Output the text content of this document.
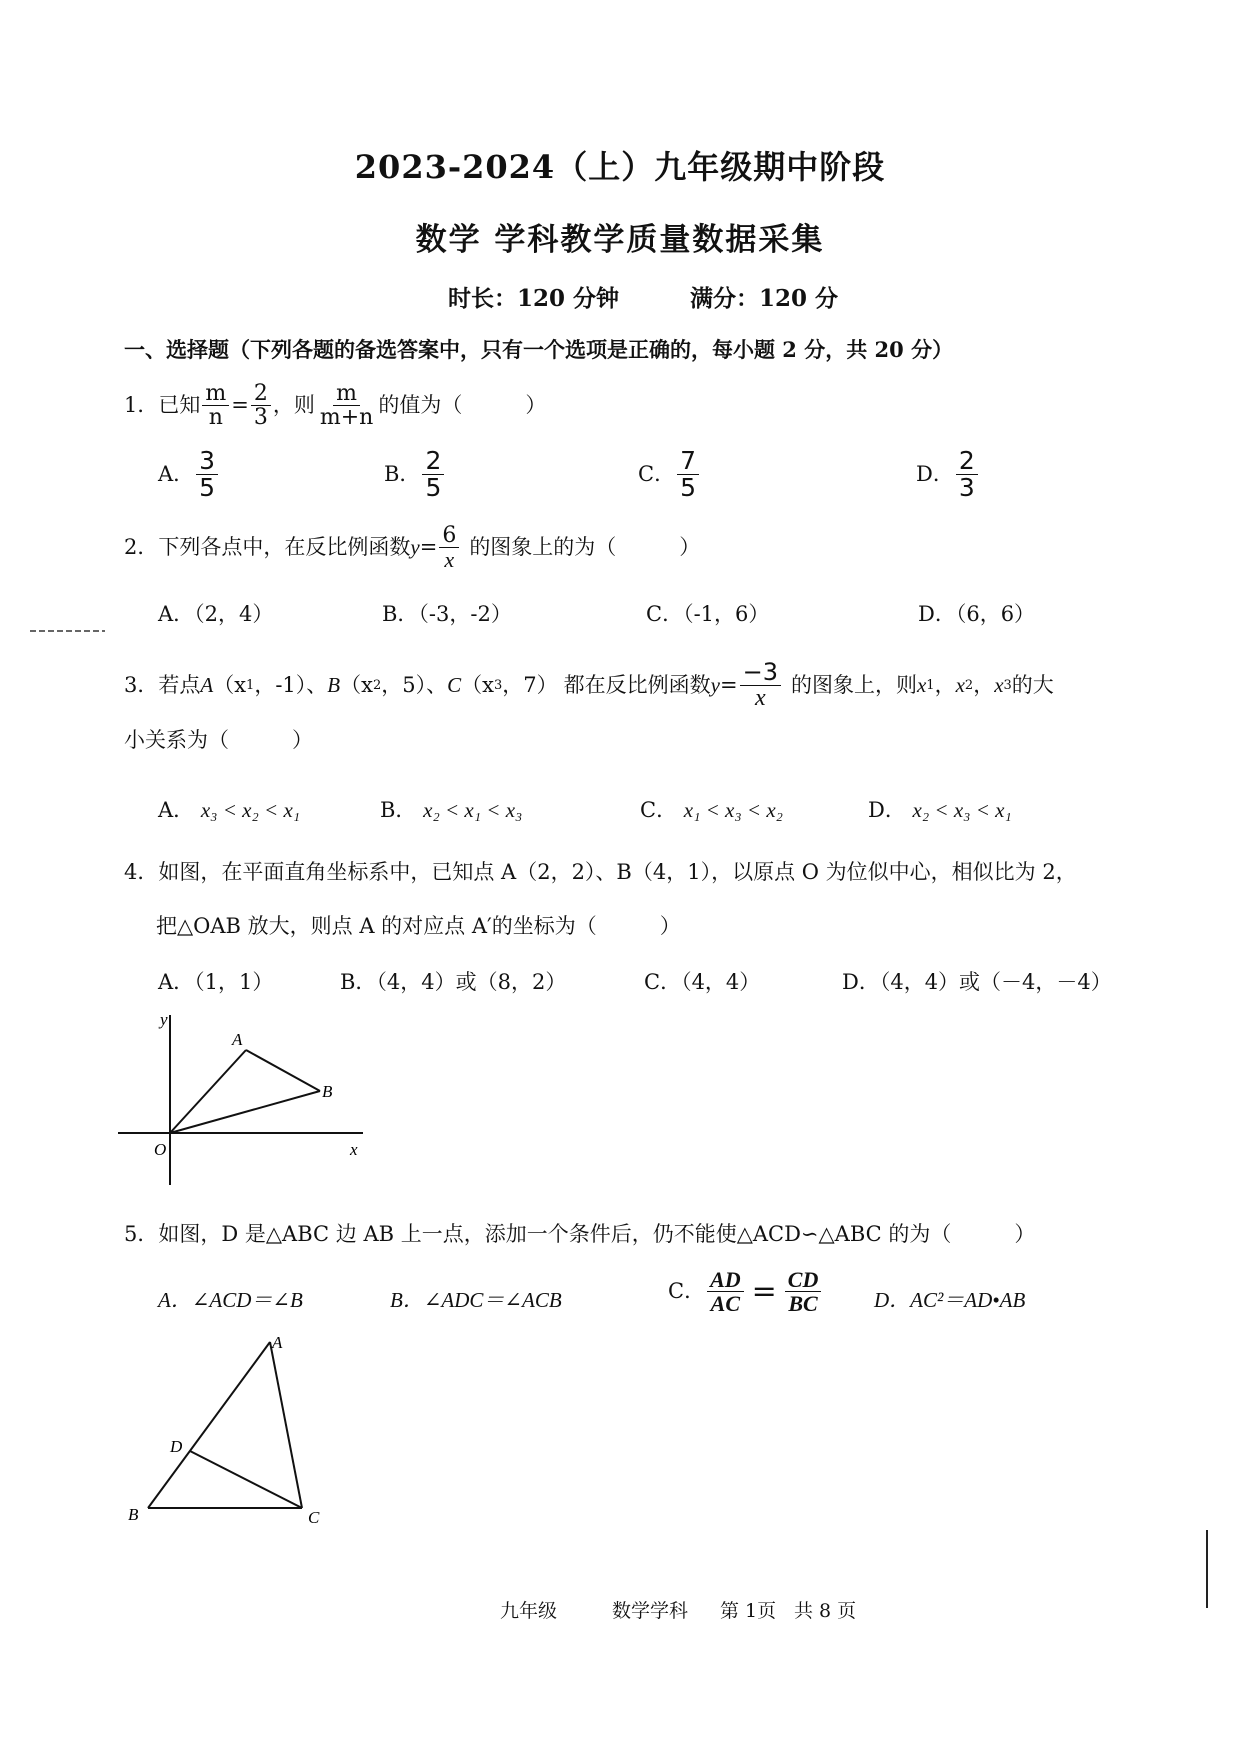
2023-2024（上）九年级期中阶段
数学 学科教学质量数据采集
时长：120 分钟	满分：120 分
一、选择题（下列各题的备选答案中，只有一个选项是正确的，每小题 2 分，共 20 分）
1． 已知 $\frac{m}{n} = \frac{2}{3}$ ，则 $\frac{m}{m+n}$ 的值为（　　　）
A． $\frac{3}{5}$	B． $\frac{2}{5}$	C． $\frac{7}{5}$	D． $\frac{2}{3}$
2． 下列各点中，在反比例函数 $y = \frac{6}{x}$ 的图象上的为（　　　）
A．（2，4）	B．（-3，-2）	C．（-1，6）	D．（6，6）
3． 若点 A （x 1 ，-1）、 B （x 2 ，5）、 C （x 3 ，7） 都在反比例函数 $y = \frac{-3}{x}$ 的图象上，则 x 1 ， x 2 ， x 3 的大
小关系为（　　　）
A． x₃ < x₂ < x₁	B． x₂ < x₁ < x₃	C． x₁ < x₃ < x₂	D． x₂ < x₃ < x₁
4．如图，在平面直角坐标系中，已知点 A（2，2）、B（4，1），以原点 O 为位似中心，相似比为 2，
把△OAB 放大，则点 A 的对应点 A′的坐标为（　　　）
A．（1，1）	B．（4，4）或（8，2）	C．（4，4）	D．（4，4）或（－4，－4）
y
x
O
A
B
5．如图，D 是△ABC 边 AB 上一点，添加一个条件后，仍不能使△ACD∽△ABC 的为（　　　）
A．∠ACD＝∠B	B．∠ADC＝∠ACB	C． $\frac{AD}{AC} = \frac{CD}{BC}$	D．AC²＝AD•AB
A
B	C
D
九年级	数学学科 第 1页 共 8 页
